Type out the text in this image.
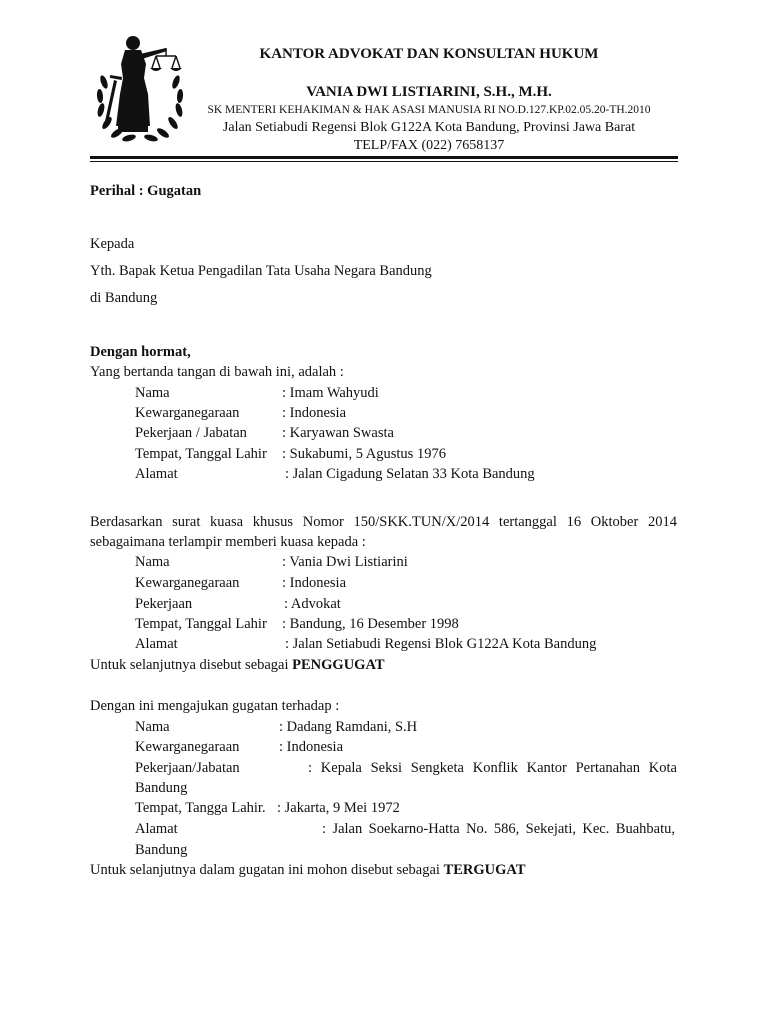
KANTOR ADVOKAT DAN KONSULTAN HUKUM
VANIA DWI LISTIARINI, S.H., M.H.
SK MENTERI KEHAKIMAN & HAK ASASI MANUSIA RI NO.D.127.KP.02.05.20-TH.2010
Jalan Setiabudi Regensi Blok G122A Kota Bandung, Provinsi Jawa Barat
TELP/FAX (022) 7658137
Perihal : Gugatan
Kepada
Yth. Bapak Ketua Pengadilan Tata Usaha Negara Bandung
di Bandung
Dengan hormat,
Yang bertanda tangan di bawah ini, adalah :
Nama	: Imam Wahyudi
Kewarganegaraan	: Indonesia
Pekerjaan / Jabatan : Karyawan Swasta
Tempat, Tanggal Lahir : Sukabumi, 5 Agustus 1976
Alamat	: Jalan Cigadung Selatan 33 Kota Bandung
Berdasarkan surat kuasa khusus Nomor 150/SKK.TUN/X/2014 tertanggal 16 Oktober 2014
sebagaimana terlampir memberi kuasa kepada :
Nama	: Vania Dwi Listiarini
Kewarganegaraan	: Indonesia
Pekerjaan	: Advokat
Tempat, Tanggal Lahir : Bandung, 16 Desember 1998
Alamat	: Jalan Setiabudi Regensi Blok G122A Kota Bandung
Untuk selanjutnya disebut sebagai PENGGUGAT
Dengan ini mengajukan gugatan terhadap :
Nama	: Dadang Ramdani, S.H
Kewarganegaraan	: Indonesia
Pekerjaan/Jabatan	: Kepala Seksi Sengketa Konflik Kantor Pertanahan Kota
Bandung
Tempat, Tangga Lahir. : Jakarta, 9 Mei 1972
Alamat	: Jalan Soekarno-Hatta No. 586, Sekejati, Kec. Buahbatu,
Bandung
Untuk selanjutnya dalam gugatan ini mohon disebut sebagai TERGUGAT
